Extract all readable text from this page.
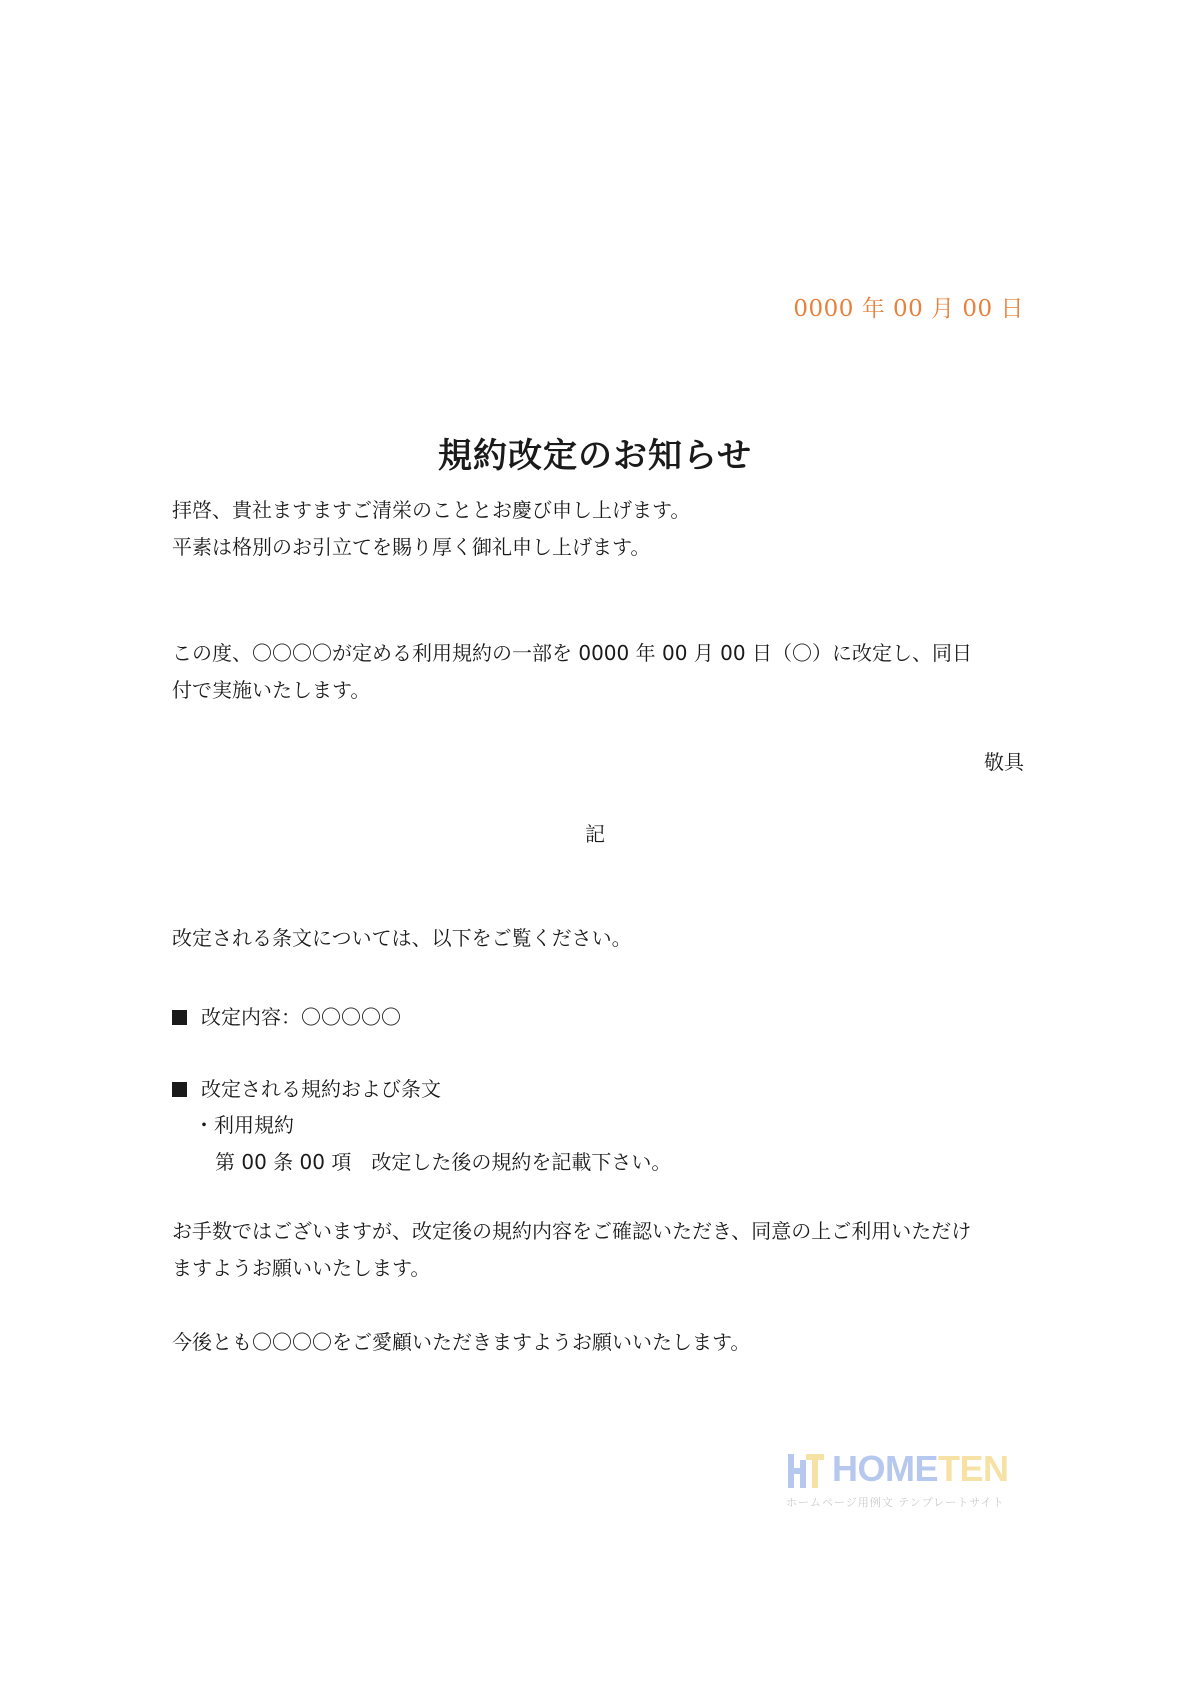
0000 年 00 月 00 日
規約改定のお知らせ
拝啓、貴社ますますご清栄のこととお慶び申し上げます。
平素は格別のお引立てを賜り厚く御礼申し上げます。
この度、〇〇〇〇が定める利用規約の一部を 0000 年 00 月 00 日（〇）に改定し、同日
付で実施いたします。
敬具
記
改定される条文については、以下をご覧ください。
改定内容：〇〇〇〇〇
改定される規約および条文
・利用規約
第 00 条 00 項　改定した後の規約を記載下さい。
お手数ではございますが、改定後の規約内容をご確認いただき、同意の上ご利用いただけ
ますようお願いいたします。
今後とも〇〇〇〇をご愛顧いただきますようお願いいたします。
HOMETEN
ホームページ用例文 テンプレートサイト
